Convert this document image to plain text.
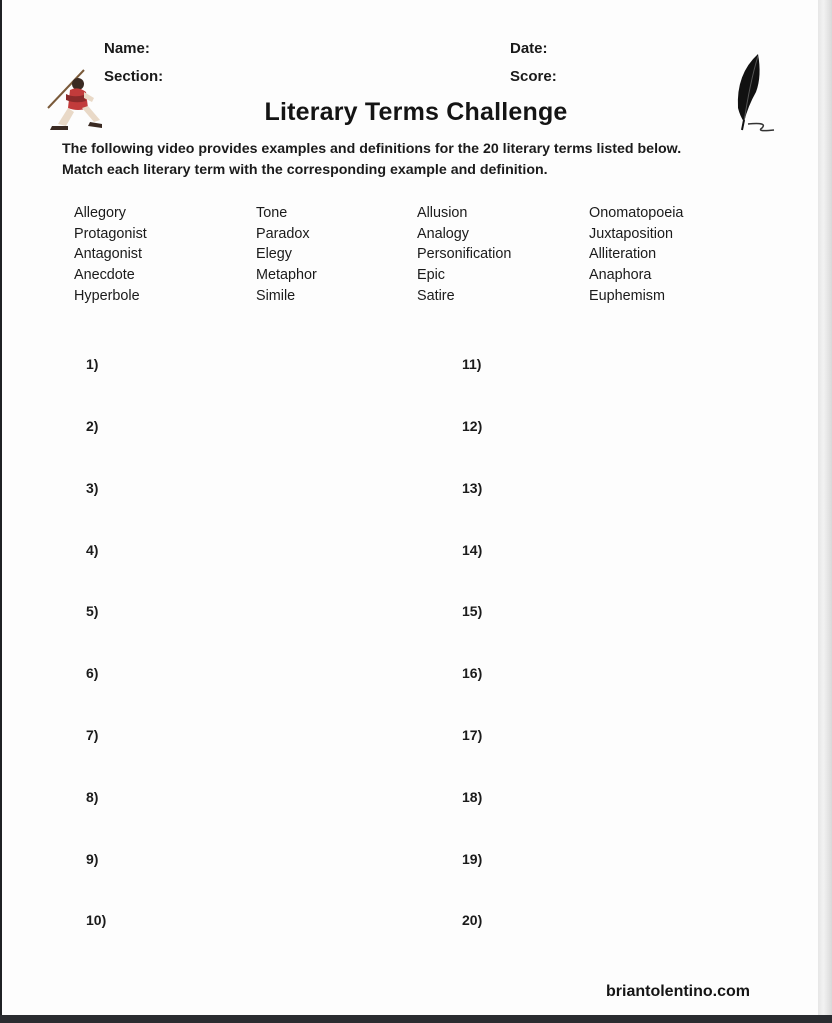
Name:
Section:
Date:
Score:
Literary Terms Challenge
The following video provides examples and definitions for the 20 literary terms listed below.
Match each literary term with the corresponding example and definition.
Allegory
Protagonist
Antagonist
Anecdote
Hyperbole
Tone
Paradox
Elegy
Metaphor
Simile
Allusion
Analogy
Personification
Epic
Satire
Onomatopoeia
Juxtaposition
Alliteration
Anaphora
Euphemism
1)
2)
3)
4)
5)
6)
7)
8)
9)
10)
11)
12)
13)
14)
15)
16)
17)
18)
19)
20)
briantolentino.com
